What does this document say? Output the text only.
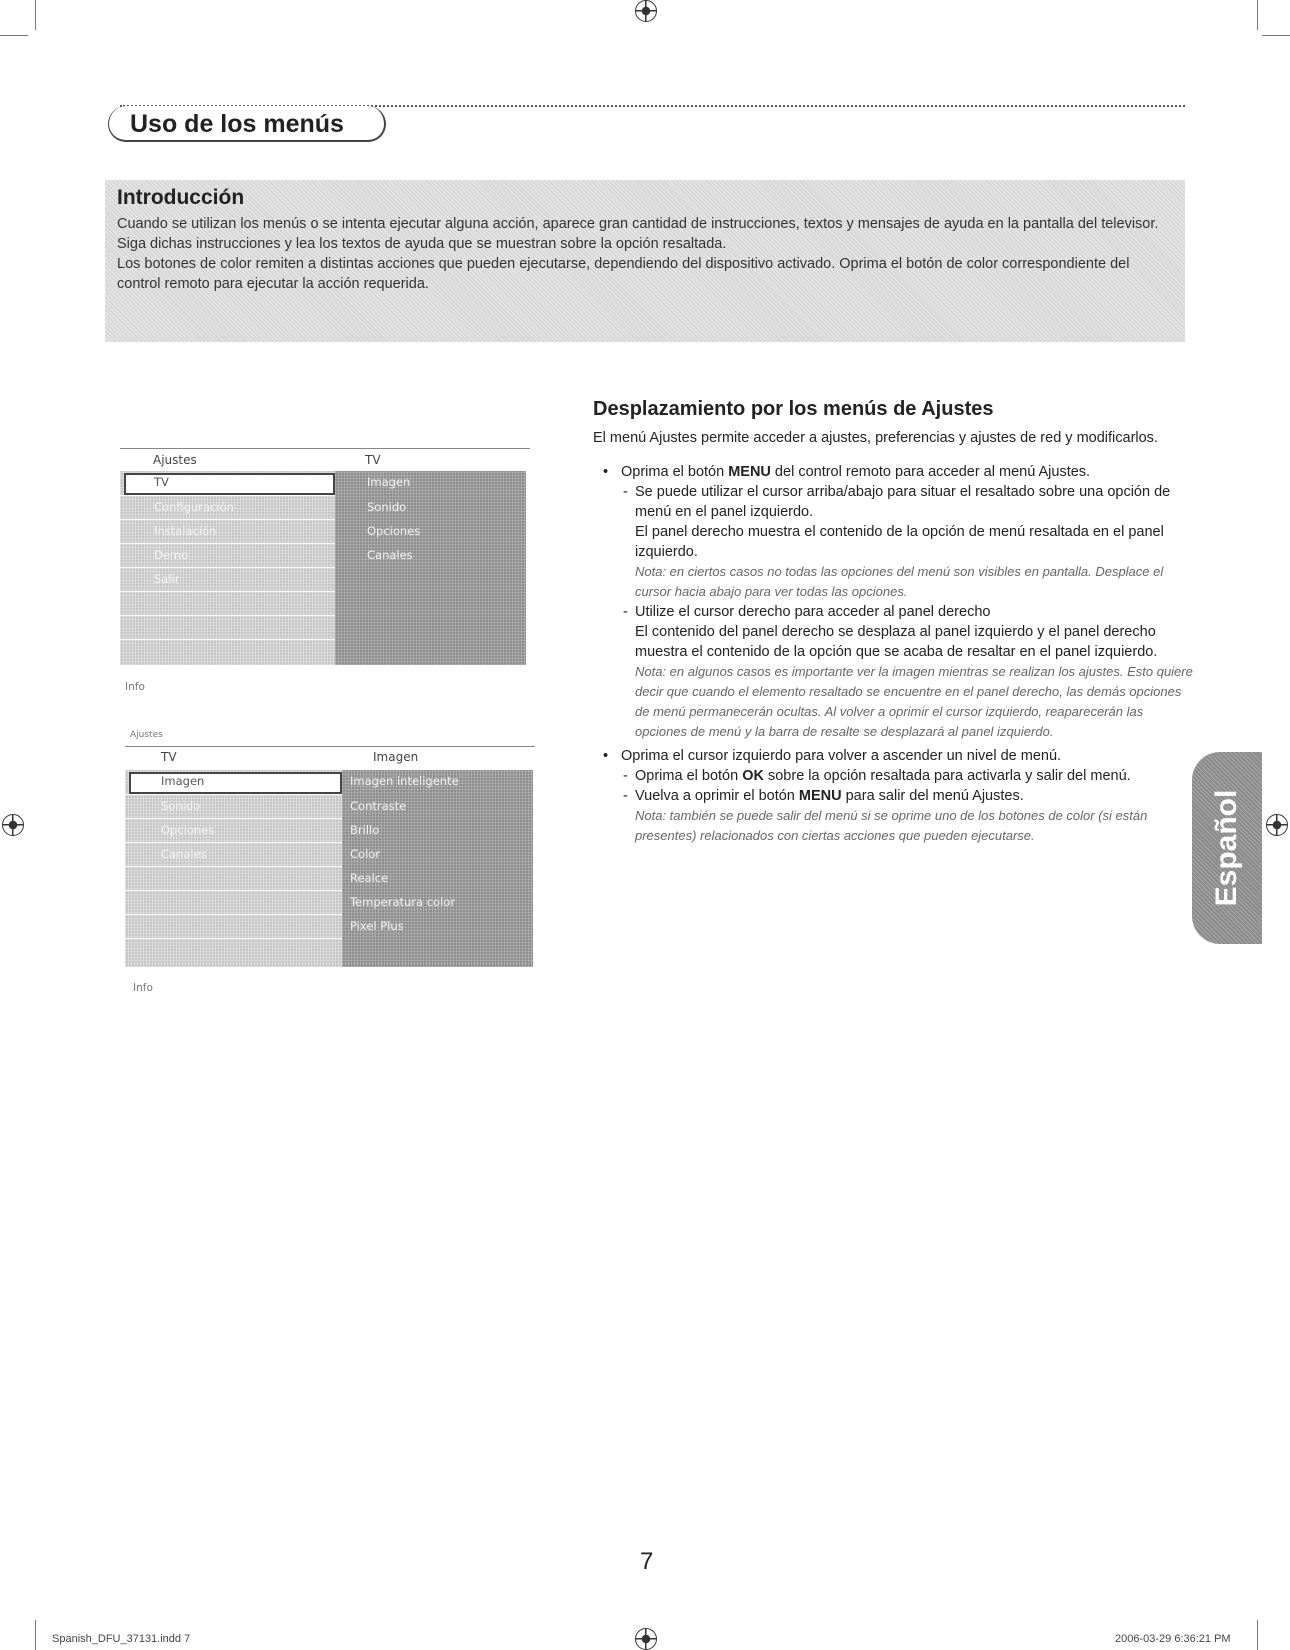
Uso de los menús
Introducción

Cuando se utilizan los menús o se intenta ejecutar alguna acción, aparece gran cantidad de instrucciones, textos y mensajes de ayuda en la pantalla del televisor.

Siga dichas instrucciones y lea los textos de ayuda que se muestran sobre la opción resaltada.

Los botones de color remiten a distintas acciones que pueden ejecutarse, dependiendo del dispositivo activado. Oprima el botón de color correspondiente del control remoto para ejecutar la acción requerida.

Ajustes	TV
TV
Configuración
Instalación
Demo
Salir
Imagen
Sonido
Opciones
Canales
Info
Ajustes
TV	Imagen
Imagen
Sonido
Opciones
Canales
Imagen inteligente
Contraste
Brillo
Color
Realce
Temperatura color
Pixel Plus
Info
Desplazamiento por los menús de Ajustes

El menú Ajustes permite acceder a ajustes, preferencias y ajustes de red y modificarlos.

• Oprima el botón MENU del control remoto para acceder al menú Ajustes.

- Se puede utilizar el cursor arriba/abajo para situar el resaltado sobre una opción de menú en el panel izquierdo.

El panel derecho muestra el contenido de la opción de menú resaltada en el panel izquierdo.

Nota: en ciertos casos no todas las opciones del menú son visibles en pantalla. Desplace el cursor hacia abajo para ver todas las opciones.

- Utilize el cursor derecho para acceder al panel derecho

El contenido del panel derecho se desplaza al panel izquierdo y el panel derecho muestra el contenido de la opción que se acaba de resaltar en el panel izquierdo.

Nota: en algunos casos es importante ver la imagen mientras se realizan los ajustes. Esto quiere decir que cuando el elemento resaltado se encuentre en el panel derecho, las demás opciones de menú permanecerán ocultas. Al volver a oprimir el cursor izquierdo, reaparecerán las opciones de menú y la barra de resalte se desplazará al panel izquierdo.

• Oprima el cursor izquierdo para volver a ascender un nivel de menú.

- Oprima el botón OK sobre la opción resaltada para activarla y salir del menú.

- Vuelva a oprimir el botón MENU para salir del menú Ajustes.

Nota: también se puede salir del menú si se oprime uno de los botones de color (si están presentes) relacionados con ciertas acciones que pueden ejecutarse.	Español
7
Spanish_DFU_37131.indd 7	2006-03-29 6:36:21 PM
